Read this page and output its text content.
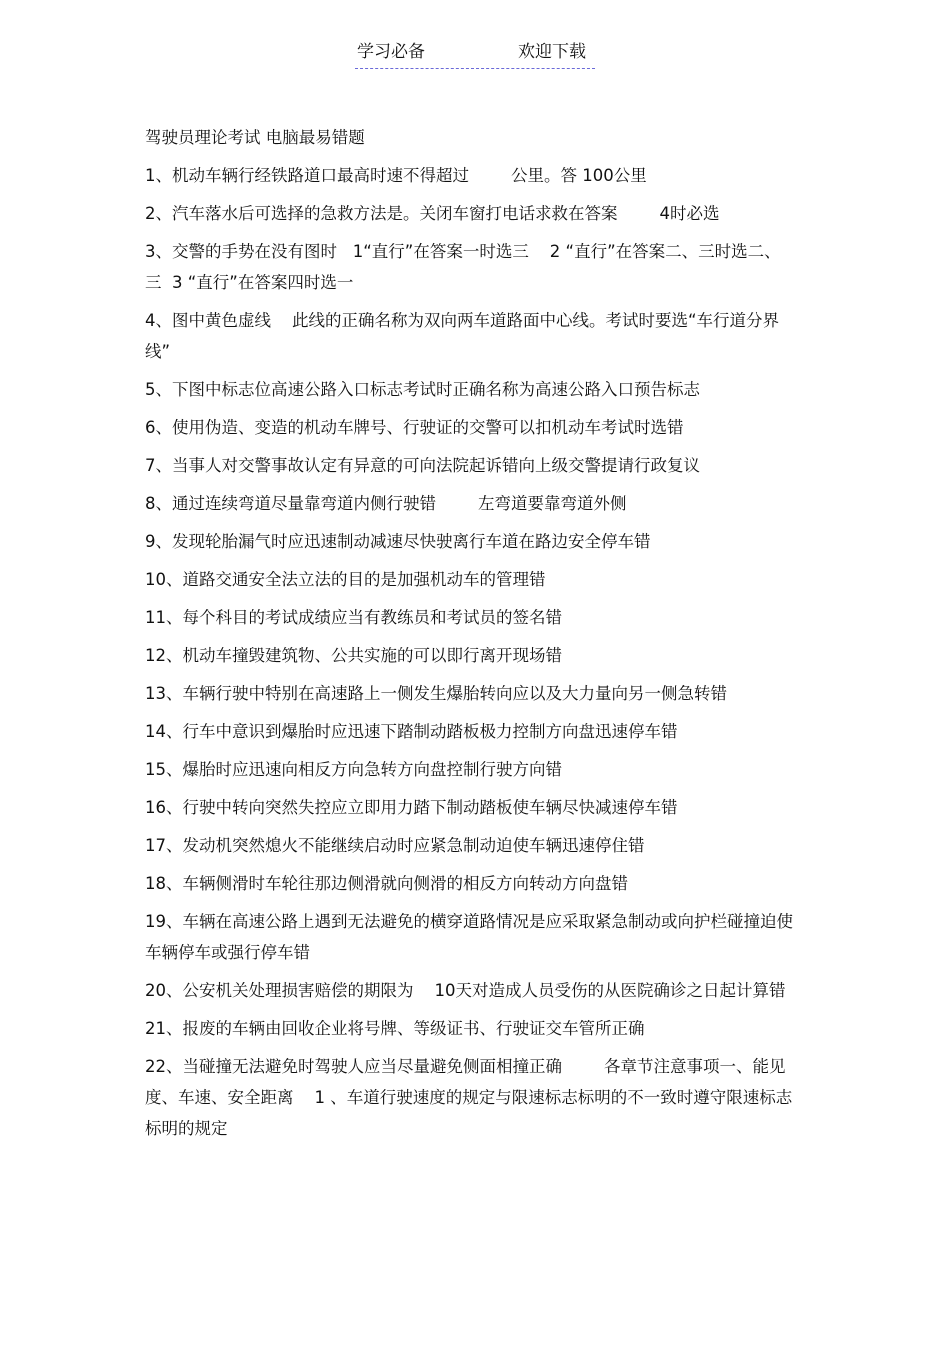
学习必备	欢迎下载
驾驶员理论考试 电脑最易错题
1、机动车辆行经铁路道口最高时速不得超过        公里。答 100公里
2、汽车落水后可选择的急救方法是。关闭车窗打电话求救在答案        4时必选
3、交警的手势在没有图时   1“直行”在答案一时选三    2 “直行”在答案二、三时选二、三  3 “直行”在答案四时选一
4、图中黄色虚线    此线的正确名称为双向两车道路面中心线。考试时要选“车行道分界线”
5、下图中标志位高速公路入口标志考试时正确名称为高速公路入口预告标志
6、使用伪造、变造的机动车牌号、行驶证的交警可以扣机动车考试时选错
7、当事人对交警事故认定有异意的可向法院起诉错向上级交警提请行政复议
8、通过连续弯道尽量靠弯道内侧行驶错        左弯道要靠弯道外侧
9、发现轮胎漏气时应迅速制动减速尽快驶离行车道在路边安全停车错
10、道路交通安全法立法的目的是加强机动车的管理错
11、每个科目的考试成绩应当有教练员和考试员的签名错
12、机动车撞毁建筑物、公共实施的可以即行离开现场错
13、车辆行驶中特别在高速路上一侧发生爆胎转向应以及大力量向另一侧急转错
14、行车中意识到爆胎时应迅速下踏制动踏板极力控制方向盘迅速停车错
15、爆胎时应迅速向相反方向急转方向盘控制行驶方向错
16、行驶中转向突然失控应立即用力踏下制动踏板使车辆尽快减速停车错
17、发动机突然熄火不能继续启动时应紧急制动迫使车辆迅速停住错
18、车辆侧滑时车轮往那边侧滑就向侧滑的相反方向转动方向盘错
19、车辆在高速公路上遇到无法避免的横穿道路情况是应采取紧急制动或向护栏碰撞迫使车辆停车或强行停车错
20、公安机关处理损害赔偿的期限为    10天对造成人员受伤的从医院确诊之日起计算错
21、报废的车辆由回收企业将号牌、等级证书、行驶证交车管所正确
22、当碰撞无法避免时驾驶人应当尽量避免侧面相撞正确        各章节注意事项一、能见度、车速、安全距离    1 、车道行驶速度的规定与限速标志标明的不一致时遵守限速标志标明的规定
